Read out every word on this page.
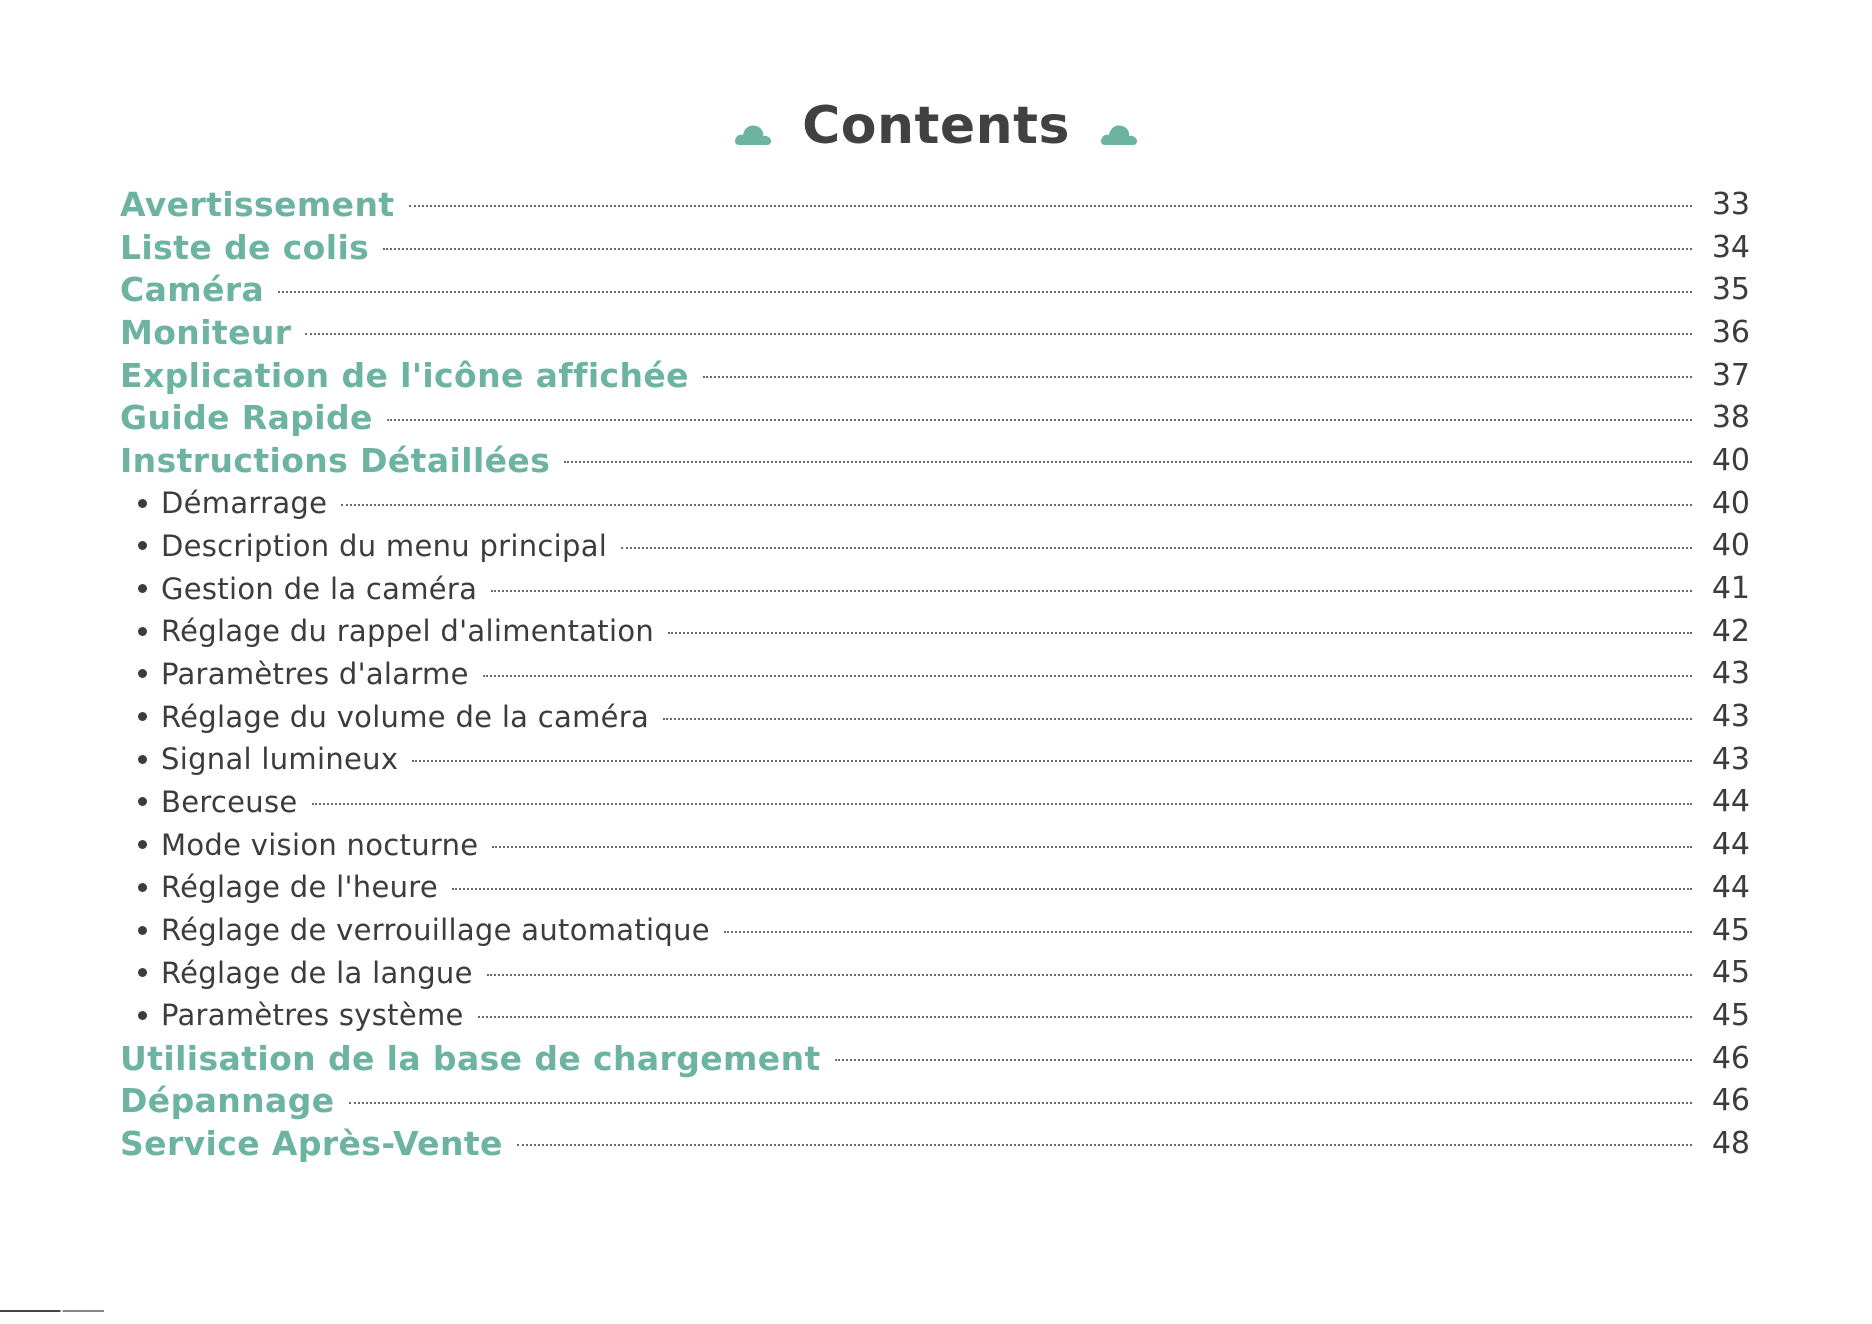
Contents
Avertissement	33
Liste de colis	34
Caméra	35
Moniteur	36
Explication de l'icône affichée	37
Guide Rapide	38
Instructions Détaillées	40
Démarrage	40
Description du menu principal	40
Gestion de la caméra	41
Réglage du rappel d'alimentation	42
Paramètres d'alarme	43
Réglage du volume de la caméra	43
Signal lumineux	43
Berceuse	44
Mode vision nocturne	44
Réglage de l'heure	44
Réglage de verrouillage automatique	45
Réglage de la langue	45
Paramètres système	45
Utilisation de la base de chargement	46
Dépannage	46
Service Après-Vente	48
